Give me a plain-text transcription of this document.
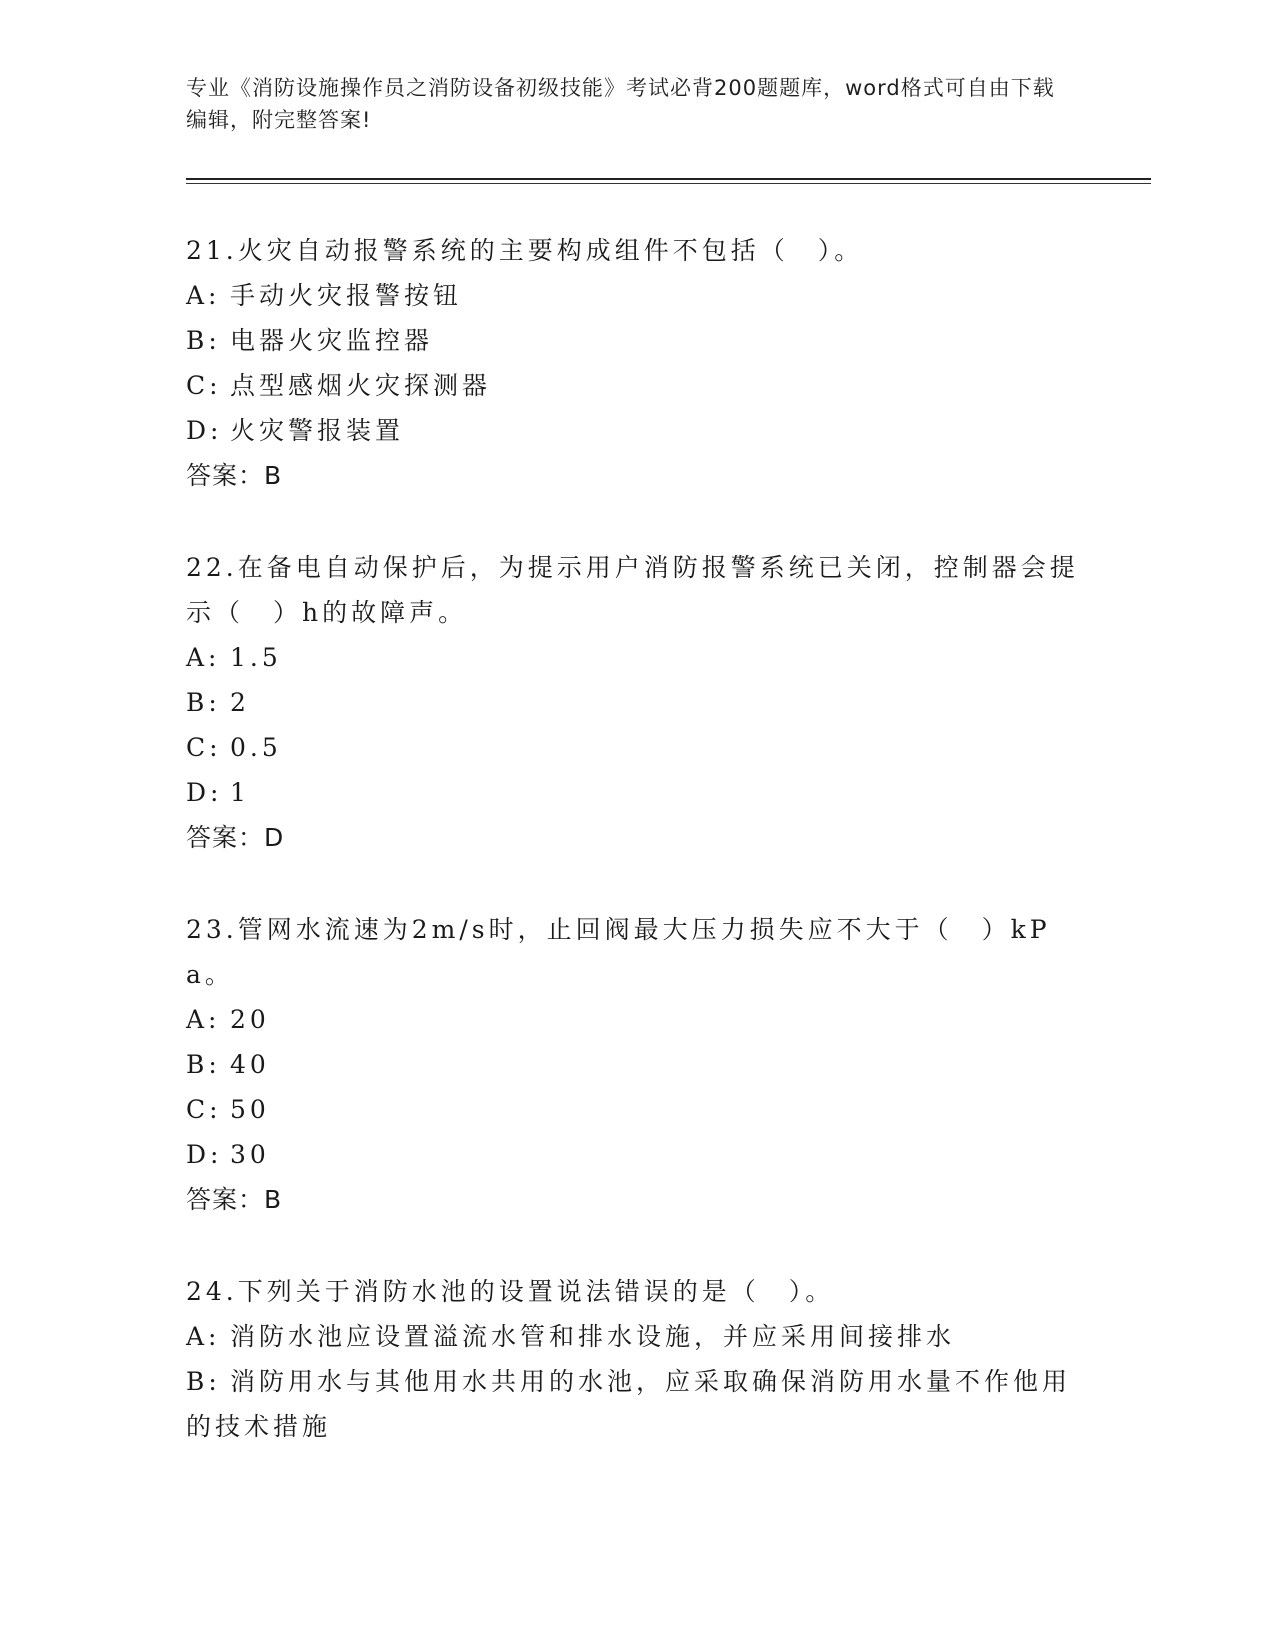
专业《消防设施操作员之消防设备初级技能》考试必背200题题库，word格式可自由下载编辑，附完整答案!

21.火灾自动报警系统的主要构成组件不包括（　）。

A: 手动火灾报警按钮

B: 电器火灾监控器

C: 点型感烟火灾探测器

D: 火灾警报装置

答案：B

22.在备电自动保护后，为提示用户消防报警系统已关闭，控制器会提示（　）h的故障声。

A: 1.5

B: 2

C: 0.5

D: 1

答案：D

23.管网水流速为2m/s时，止回阀最大压力损失应不大于（　）kPa。

A: 20

B: 40

C: 50

D: 30

答案：B

24.下列关于消防水池的设置说法错误的是（　）。

A: 消防水池应设置溢流水管和排水设施，并应采用间接排水

B: 消防用水与其他用水共用的水池，应采取确保消防用水量不作他用的技术措施
